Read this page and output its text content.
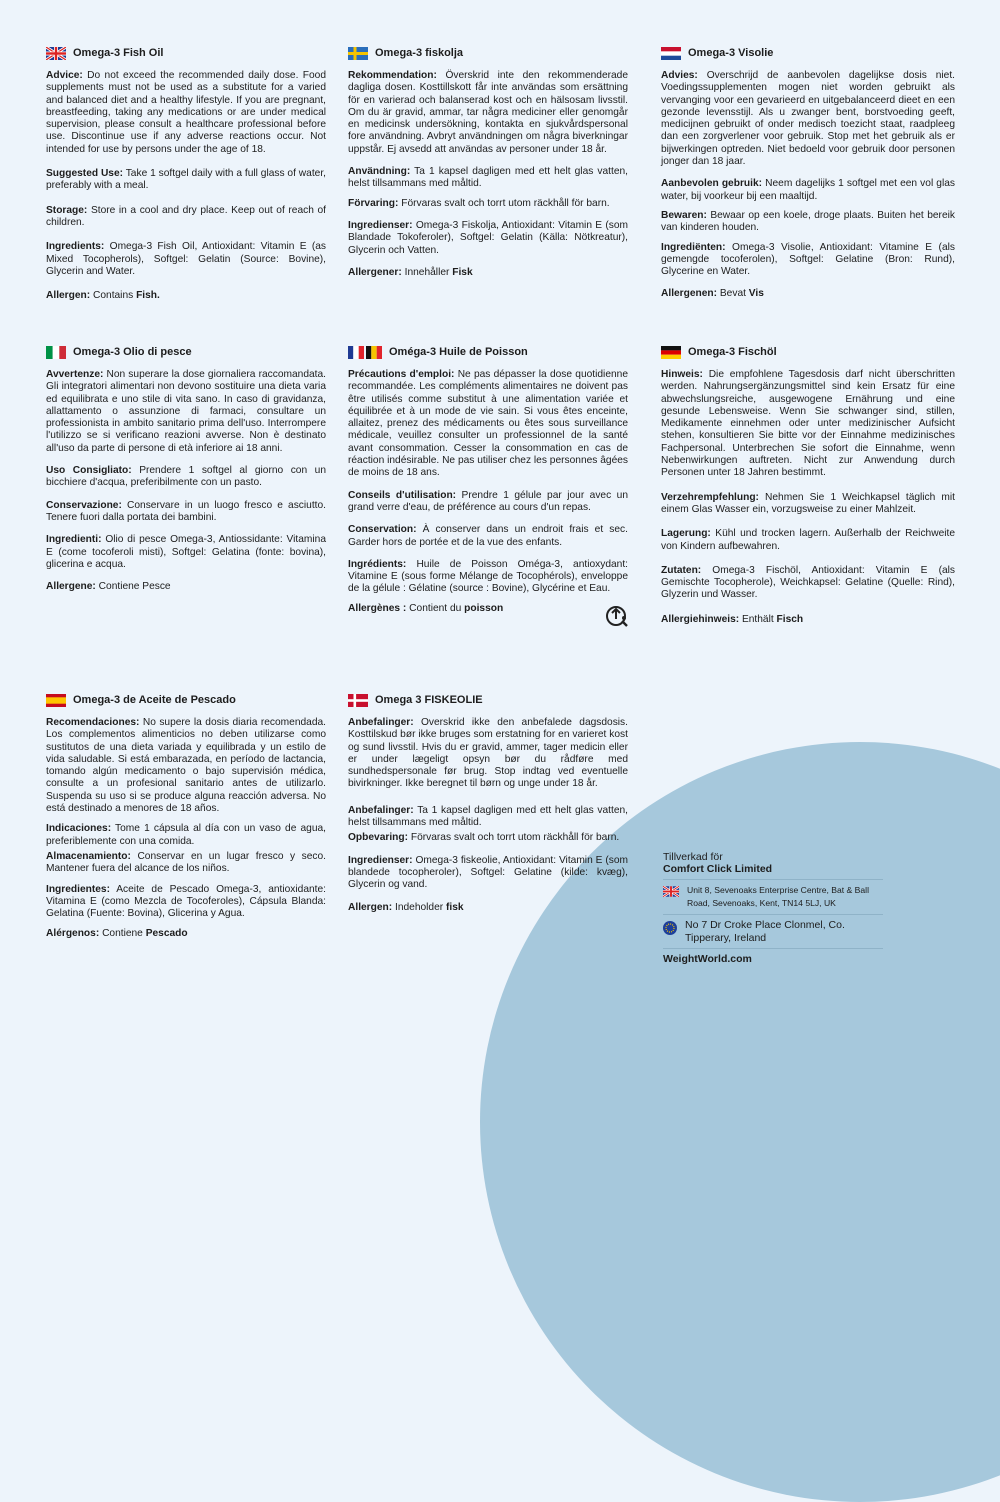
Omega-3 Fish Oil

Advice: Do not exceed the recommended daily dose. Food supplements must not be used as a substitute for a varied and balanced diet and a healthy lifestyle. If you are pregnant, breastfeeding, taking any medications or are under medical supervision, please consult a healthcare professional before use. Discontinue use if any adverse reactions occur. Not intended for use by persons under the age of 18.

Suggested Use: Take 1 softgel daily with a full glass of water, preferably with a meal.

Storage: Store in a cool and dry place. Keep out of reach of children.

Ingredients: Omega-3 Fish Oil, Antioxidant: Vitamin E (as Mixed Tocopherols), Softgel: Gelatin (Source: Bovine), Glycerin and Water.

Allergen: Contains Fish.

Omega-3 fiskolja

Rekommendation: Överskrid inte den rekommenderade dagliga dosen. Kosttillskott får inte användas som ersättning för en varierad och balanserad kost och en hälsosam livsstil. Om du är gravid, ammar, tar några mediciner eller genomgår en medicinsk undersökning, kontakta en sjukvårdspersonal fore användning. Avbryt användningen om några biverkningar uppstår. Ej avsedd att användas av personer under 18 år.

Användning: Ta 1 kapsel dagligen med ett helt glas vatten, helst tillsammans med måltid.

Förvaring: Förvaras svalt och torrt utom räckhåll för barn.

Ingredienser: Omega-3 Fiskolja, Antioxidant: Vitamin E (som Blandade Tokoferoler), Softgel: Gelatin (Källa: Nötkreatur), Glycerin och Vatten.

Allergener: Innehåller Fisk

Omega-3 Visolie

Advies: Overschrijd de aanbevolen dagelijkse dosis niet. Voedingssupplementen mogen niet worden gebruikt als vervanging voor een gevarieerd en uitgebalanceerd dieet en een gezonde levensstijl. Als u zwanger bent, borstvoeding geeft, medicijnen gebruikt of onder medisch toezicht staat, raadpleeg dan een zorgverlener voor gebruik. Stop met het gebruik als er bijwerkingen optreden. Niet bedoeld voor gebruik door personen jonger dan 18 jaar.

Aanbevolen gebruik: Neem dagelijks 1 softgel met een vol glas water, bij voorkeur bij een maaltijd.

Bewaren: Bewaar op een koele, droge plaats. Buiten het bereik van kinderen houden.

Ingrediënten: Omega-3 Visolie, Antioxidant: Vitamine E (als gemengde tocoferolen), Softgel: Gelatine (Bron: Rund), Glycerine en Water.

Allergenen: Bevat Vis

Omega-3 Olio di pesce

Avvertenze: Non superare la dose giornaliera raccomandata. Gli integratori alimentari non devono sostituire una dieta varia ed equilibrata e uno stile di vita sano. In caso di gravidanza, allattamento o assunzione di farmaci, consultare un professionista in ambito sanitario prima dell'uso. Interrompere l'utilizzo se si verificano reazioni avverse. Non è destinato all'uso da parte di persone di età inferiore ai 18 anni.

Uso Consigliato: Prendere 1 softgel al giorno con un bicchiere d'acqua, preferibilmente con un pasto.

Conservazione: Conservare in un luogo fresco e asciutto. Tenere fuori dalla portata dei bambini.

Ingredienti: Olio di pesce Omega-3, Antiossidante: Vitamina E (come tocoferoli misti), Softgel: Gelatina (fonte: bovina), glicerina e acqua.

Allergene: Contiene Pesce

Oméga-3 Huile de Poisson

Précautions d'emploi: Ne pas dépasser la dose quotidienne recommandée. Les compléments alimentaires ne doivent pas être utilisés comme substitut à une alimentation variée et équilibrée et à un mode de vie sain. Si vous êtes enceinte, allaitez, prenez des médicaments ou êtes sous surveillance médicale, veuillez consulter un professionnel de la santé avant consommation. Cesser la consommation en cas de réaction indésirable. Ne pas utiliser chez les personnes âgées de moins de 18 ans.

Conseils d'utilisation: Prendre 1 gélule par jour avec un grand verre d'eau, de préférence au cours d'un repas.

Conservation: À conserver dans un endroit frais et sec. Garder hors de portée et de la vue des enfants.

Ingrédients: Huile de Poisson Oméga-3, antioxydant: Vitamine E (sous forme Mélange de Tocophérols), enveloppe de la gélule : Gélatine (source : Bovine), Glycérine et Eau.

Allergènes : Contient du poisson

Omega-3 Fischöl

Hinweis: Die empfohlene Tagesdosis darf nicht überschritten werden. Nahrungsergänzungsmittel sind kein Ersatz für eine abwechslungsreiche, ausgewogene Ernährung und eine gesunde Lebensweise. Wenn Sie schwanger sind, stillen, Medikamente einnehmen oder unter medizinischer Aufsicht stehen, konsultieren Sie bitte vor der Einnahme medizinisches Fachpersonal. Unterbrechen Sie sofort die Einnahme, wenn Nebenwirkungen auftreten. Nicht zur Anwendung durch Personen unter 18 Jahren bestimmt.

Verzehrempfehlung: Nehmen Sie 1 Weichkapsel täglich mit einem Glas Wasser ein, vorzugsweise zu einer Mahlzeit.

Lagerung: Kühl und trocken lagern. Außerhalb der Reichweite von Kindern aufbewahren.

Zutaten: Omega-3 Fischöl, Antioxidant: Vitamin E (als Gemischte Tocopherole), Weichkapsel: Gelatine (Quelle: Rind), Glyzerin und Wasser.

Allergiehinweis: Enthält Fisch

Omega-3 de Aceite de Pescado

Recomendaciones: No supere la dosis diaria recomendada. Los complementos alimenticios no deben utilizarse como sustitutos de una dieta variada y equilibrada y un estilo de vida saludable. Si está embarazada, en período de lactancia, tomando algún medicamento o bajo supervisión médica, consulte a un profesional sanitario antes de utilizarlo. Suspenda su uso si se produce alguna reacción adversa. No está destinado a menores de 18 años.

Indicaciones: Tome 1 cápsula al día con un vaso de agua, preferiblemente con una comida.

Almacenamiento: Conservar en un lugar fresco y seco. Mantener fuera del alcance de los niños.

Ingredientes: Aceite de Pescado Omega-3, antioxidante: Vitamina E (como Mezcla de Tocoferoles), Cápsula Blanda: Gelatina (Fuente: Bovina), Glicerina y Agua.

Alérgenos: Contiene Pescado

Omega 3 FISKEOLIE

Anbefalinger: Overskrid ikke den anbefalede dagsdosis. Kosttilskud bør ikke bruges som erstatning for en varieret kost og sund livsstil. Hvis du er gravid, ammer, tager medicin eller er under lægeligt opsyn bør du rådføre med sundhedspersonale før brug. Stop indtag ved eventuelle bivirkninger. Ikke beregnet til børn og unge under 18 år.

Anbefalinger: Ta 1 kapsel dagligen med ett helt glas vatten, helst tillsammans med måltid.

Opbevaring: Förvaras svalt och torrt utom räckhåll för barn.

Ingredienser: Omega-3 fiskeolie, Antioxidant: Vitamin E (som blandede tocopheroler), Softgel: Gelatine (kilde: kvæg), Glycerin og vand.

Allergen: Indeholder fisk

Tillverkad för
Comfort Click Limited
Unit 8, Sevenoaks Enterprise Centre, Bat & Ball Road, Sevenoaks, Kent, TN14 5LJ, UK
No 7 Dr Croke Place Clonmel, Co. Tipperary, Ireland
WeightWorld.com
